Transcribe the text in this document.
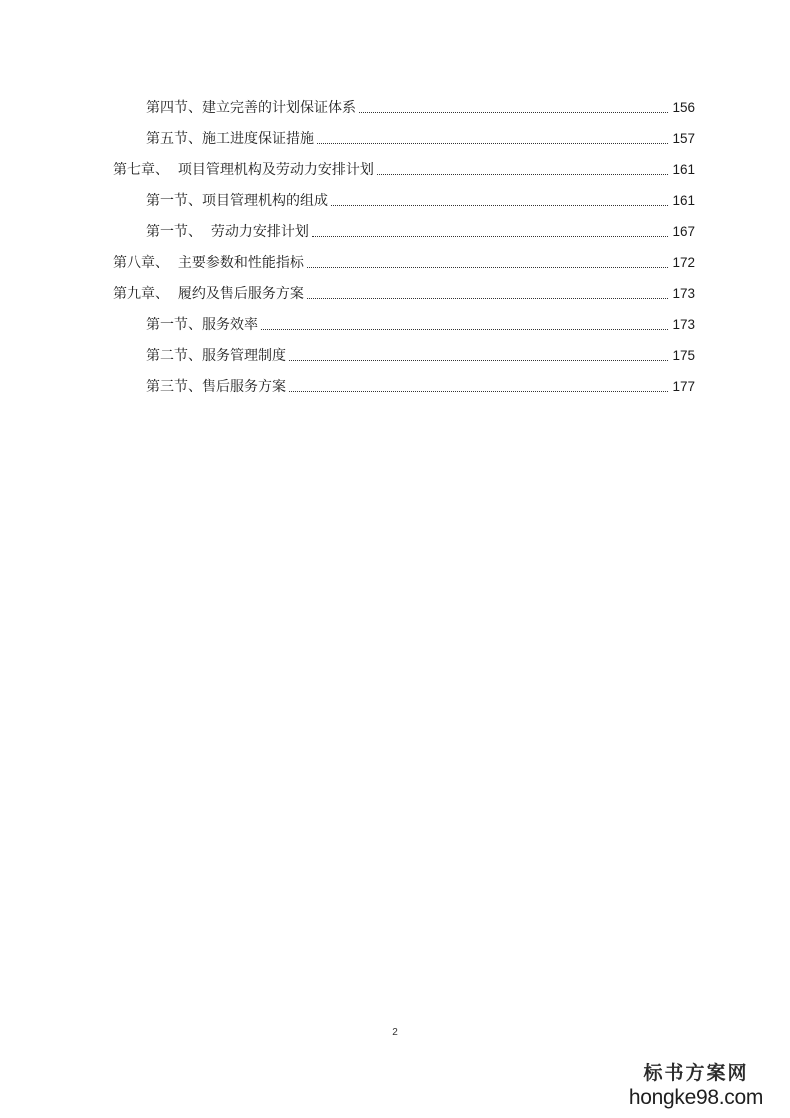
第四节、建立完善的计划保证体系	156
第五节、施工进度保证措施	157
第七章、  项目管理机构及劳动力安排计划	161
第一节、项目管理机构的组成	161
第一节、  劳动力安排计划	167
第八章、  主要参数和性能指标	172
第九章、  履约及售后服务方案	173
第一节、服务效率	173
第二节、服务管理制度	175
第三节、售后服务方案	177
2
标书方案网
hongke98.com
